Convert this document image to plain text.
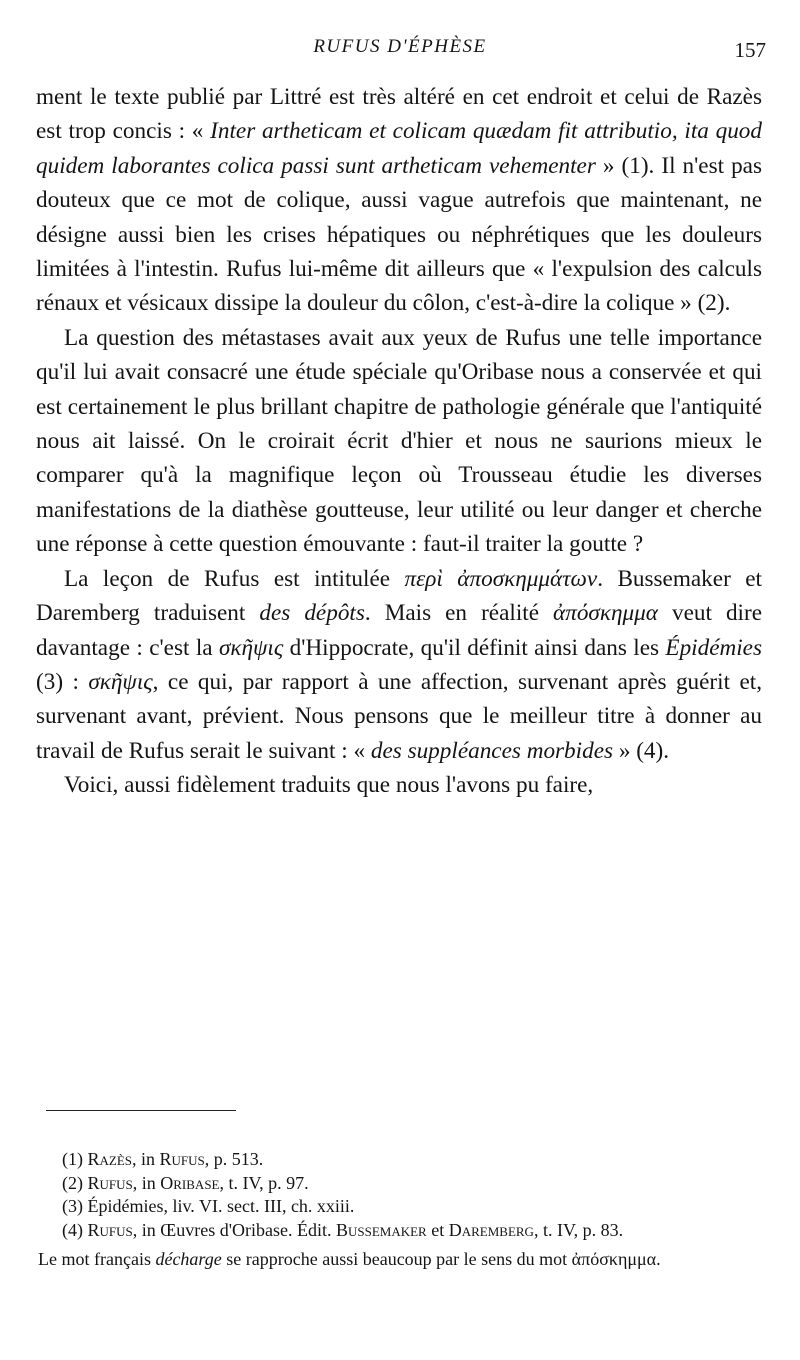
RUFUS D'ÉPHÈSE	157

ment le texte publié par Littré est très altéré en cet endroit et celui de Razès est trop concis : « Inter artheticam et colicam quædam fit attributio, ita quod quidem laborantes colica passi sunt artheticam vehementer » (1). Il n'est pas douteux que ce mot de colique, aussi vague autrefois que maintenant, ne désigne aussi bien les crises hépatiques ou néphrétiques que les douleurs limitées à l'intestin. Rufus lui-même dit ailleurs que « l'expulsion des calculs rénaux et vésicaux dissipe la douleur du côlon, c'est-à-dire la colique » (2).

La question des métastases avait aux yeux de Rufus une telle importance qu'il lui avait consacré une étude spéciale qu'Oribase nous a conservée et qui est certainement le plus brillant chapitre de pathologie générale que l'antiquité nous ait laissé. On le croirait écrit d'hier et nous ne saurions mieux le comparer qu'à la magnifique leçon où Trousseau étudie les diverses manifestations de la diathèse goutteuse, leur utilité ou leur danger et cherche une réponse à cette question émouvante : faut-il traiter la goutte ?

La leçon de Rufus est intitulée περὶ ἀποσκημμάτων. Bussemaker et Daremberg traduisent des dépôts. Mais en réalité ἀπόσκημμα veut dire davantage : c'est la σκῆψις d'Hippocrate, qu'il définit ainsi dans les Épidémies (3) : σκῆψις, ce qui, par rapport à une affection, survenant après guérit et, survenant avant, prévient. Nous pensons que le meilleur titre à donner au travail de Rufus serait le suivant : « des suppléances morbides » (4).

Voici, aussi fidèlement traduits que nous l'avons pu faire,

(1) Razès, in Rufus, p. 513.
(2) Rufus, in Oribase, t. IV, p. 97.
(3) Épidémies, liv. VI. sect. III, ch. xxiii.
(4) Rufus, in Œuvres d'Oribase. Édit. Bussemaker et Daremberg, t. IV, p. 83.
Le mot français décharge se rapproche aussi beaucoup par le sens du mot ἀπόσκημμα.
